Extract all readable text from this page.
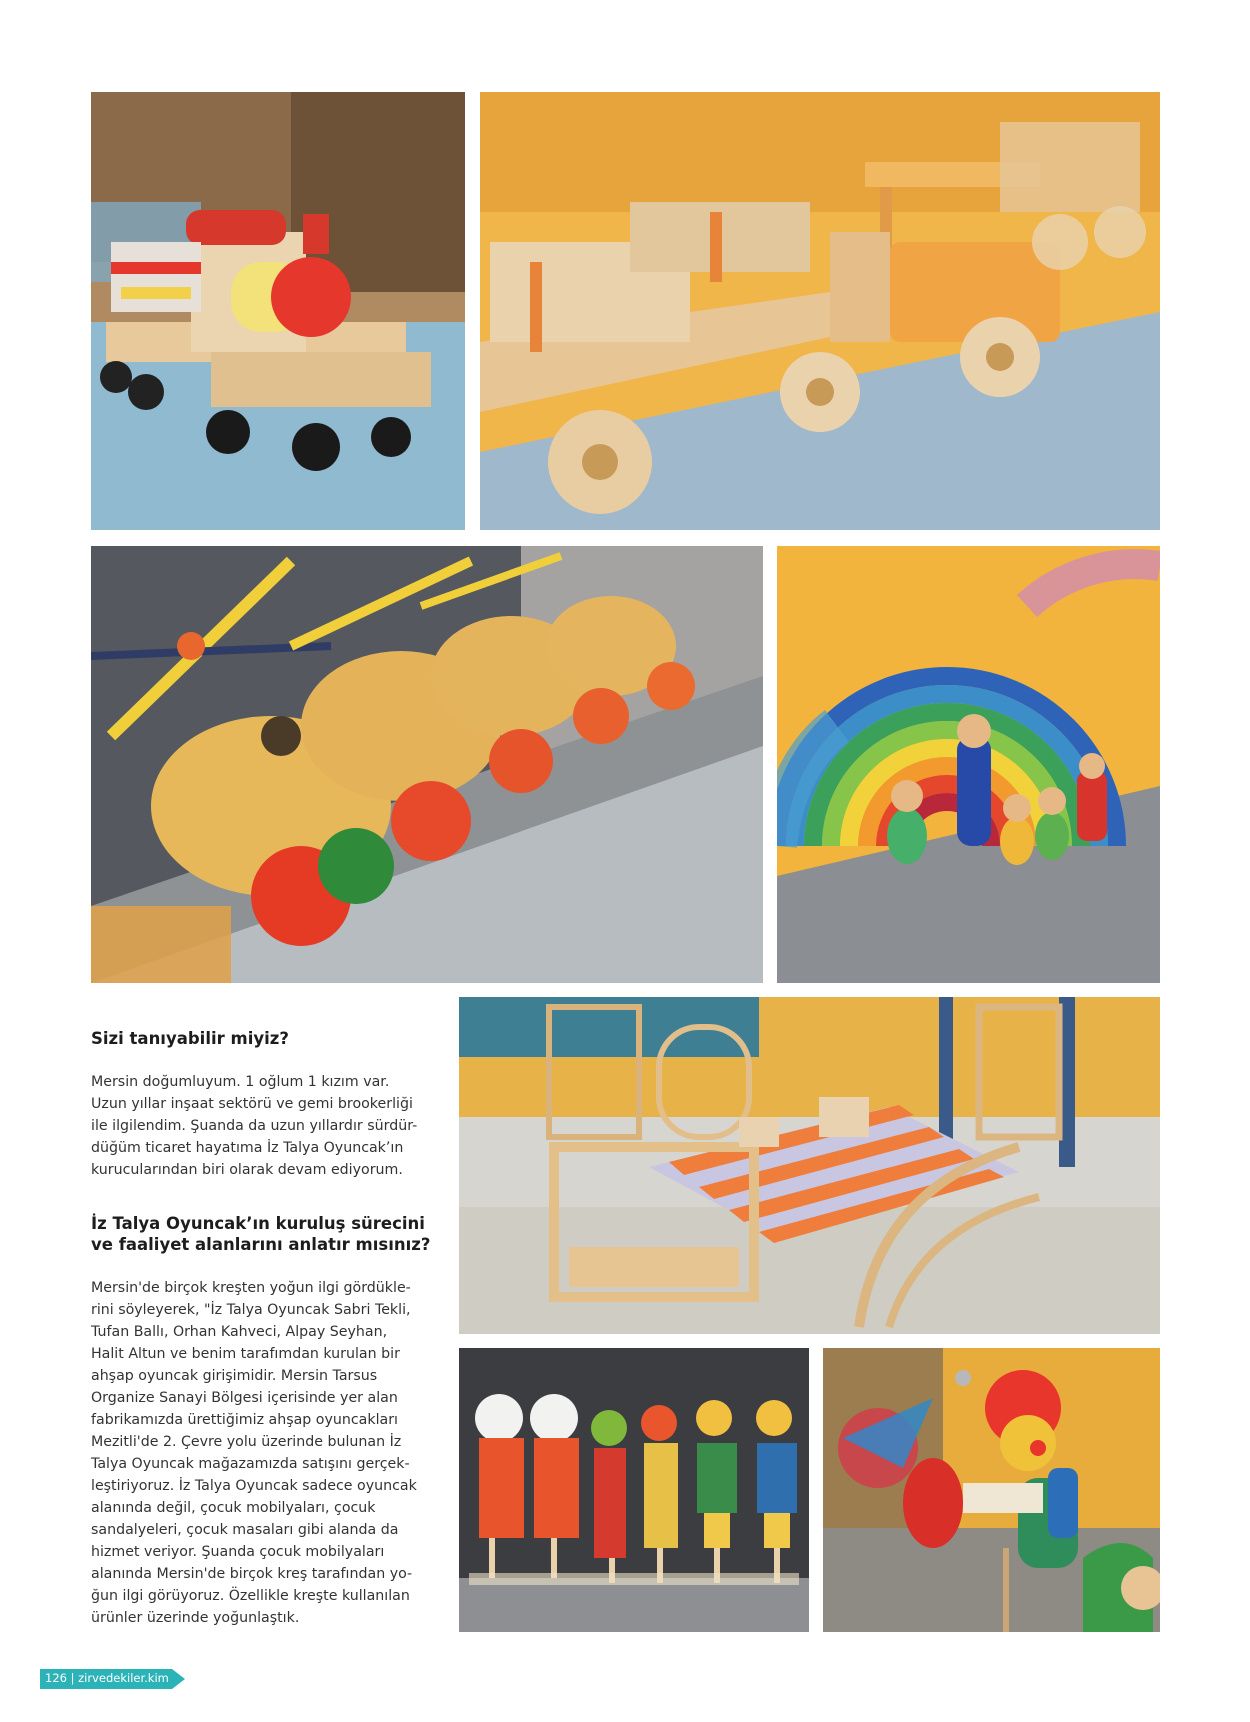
Sizi tanıyabilir miyiz?

Mersin doğumluyum. 1 oğlum 1 kızım var.
Uzun yıllar inşaat sektörü ve gemi brookerliği
ile ilgilendim. Şuanda da uzun yıllardır sürdür-
düğüm ticaret hayatıma İz Talya Oyuncak’ın
kurucularından biri olarak devam ediyorum.

İz Talya Oyuncak’ın kuruluş sürecini
ve faaliyet alanlarını anlatır mısınız?

Mersin'de birçok kreşten yoğun ilgi gördükle-
rini söyleyerek, "İz Talya Oyuncak Sabri Tekli,
Tufan Ballı, Orhan Kahveci, Alpay Seyhan,
Halit Altun ve benim tarafımdan kurulan bir
ahşap oyuncak girişimidir. Mersin Tarsus
Organize Sanayi Bölgesi içerisinde yer alan
fabrikamızda ürettiğimiz ahşap oyuncakları
Mezitli'de 2. Çevre yolu üzerinde bulunan İz
Talya Oyuncak mağazamızda satışını gerçek-
leştiriyoruz. İz Talya Oyuncak sadece oyuncak
alanında değil, çocuk mobilyaları, çocuk
sandalyeleri, çocuk masaları gibi alanda da
hizmet veriyor. Şuanda çocuk mobilyaları
alanında Mersin'de birçok kreş tarafından yo-
ğun ilgi görüyoruz. Özellikle kreşte kullanılan
ürünler üzerinde yoğunlaştık.

126 | zirvedekiler.kim
